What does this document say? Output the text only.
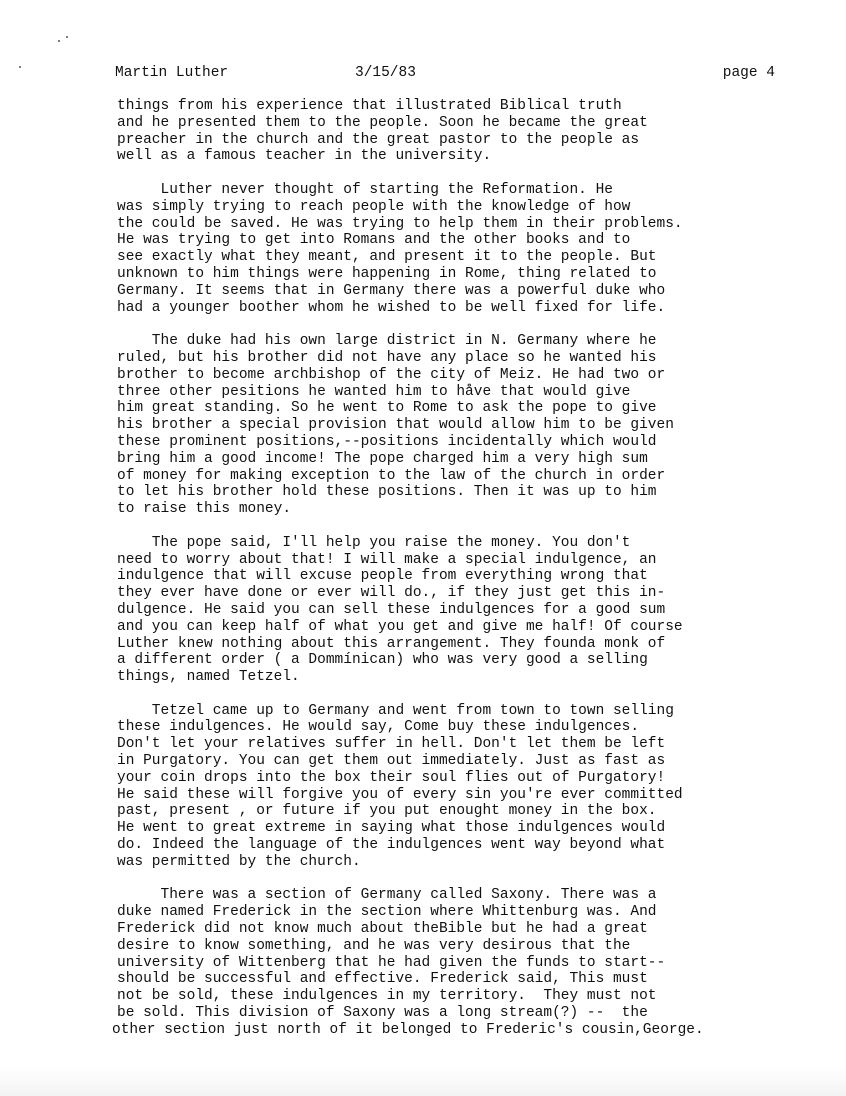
Martin Luther

	3/15/83

	page 4

things from his experience that illustrated Biblical truth
and he presented them to the people. Soon he became the great
preacher in the church and the great pastor to the people as
well as a famous teacher in the university.
Luther never thought of starting the Reformation. He
was simply trying to reach people with the knowledge of how
the could be saved. He was trying to help them in their problems.
He was trying to get into Romans and the other books and to
see exactly what they meant, and present it to the people. But
unknown to him things were happening in Rome, thing related to
Germany. It seems that in Germany there was a powerful duke who
had a younger boother whom he wished to be well fixed for life.
The duke had his own large district in N. Germany where he
ruled, but his brother did not have any place so he wanted his
brother to become archbishop of the city of Meiz. He had two or
three other pesitions he wanted him to håve that would give
him great standing. So he went to Rome to ask the pope to give
his brother a special provision that would allow him to be given
these prominent positions,--positions incidentally which would
bring him a good income! The pope charged him a very high sum
of money for making exception to the law of the church in order
to let his brother hold these positions. Then it was up to him
to raise this money.
The pope said, I'll help you raise the money. You don't
need to worry about that! I will make a special indulgence, an
indulgence that will excuse people from everything wrong that
they ever have done or ever will do., if they just get this in-
dulgence. He said you can sell these indulgences for a good sum
and you can keep half of what you get and give me half! Of course
Luther knew nothing about this arrangement. They founda monk of
a different order ( a Dommínican) who was very good a selling
things, named Tetzel.
Tetzel came up to Germany and went from town to town selling
these indulgences. He would say, Come buy these indulgences.
Don't let your relatives suffer in hell. Don't let them be left
in Purgatory. You can get them out immediately. Just as fast as
your coin drops into the box their soul flies out of Purgatory!
He said these will forgive you of every sin you're ever committed
past, present , or future if you put enought money in the box.
He went to great extreme in saying what those indulgences would
do. Indeed the language of the indulgences went way beyond what
was permitted by the church.
There was a section of Germany called Saxony. There was a
duke named Frederick in the section where Whittenburg was. And
Frederick did not know much about theBible but he had a great
desire to know something, and he was very desirous that the
university of Wittenberg that he had given the funds to start--
should be successful and effective. Frederick said, This must
not be sold, these indulgences in my territory.  They must not
be sold. This division of Saxony was a long stream(?) --  the
other section just north of it belonged to Frederic's cousin,George.
